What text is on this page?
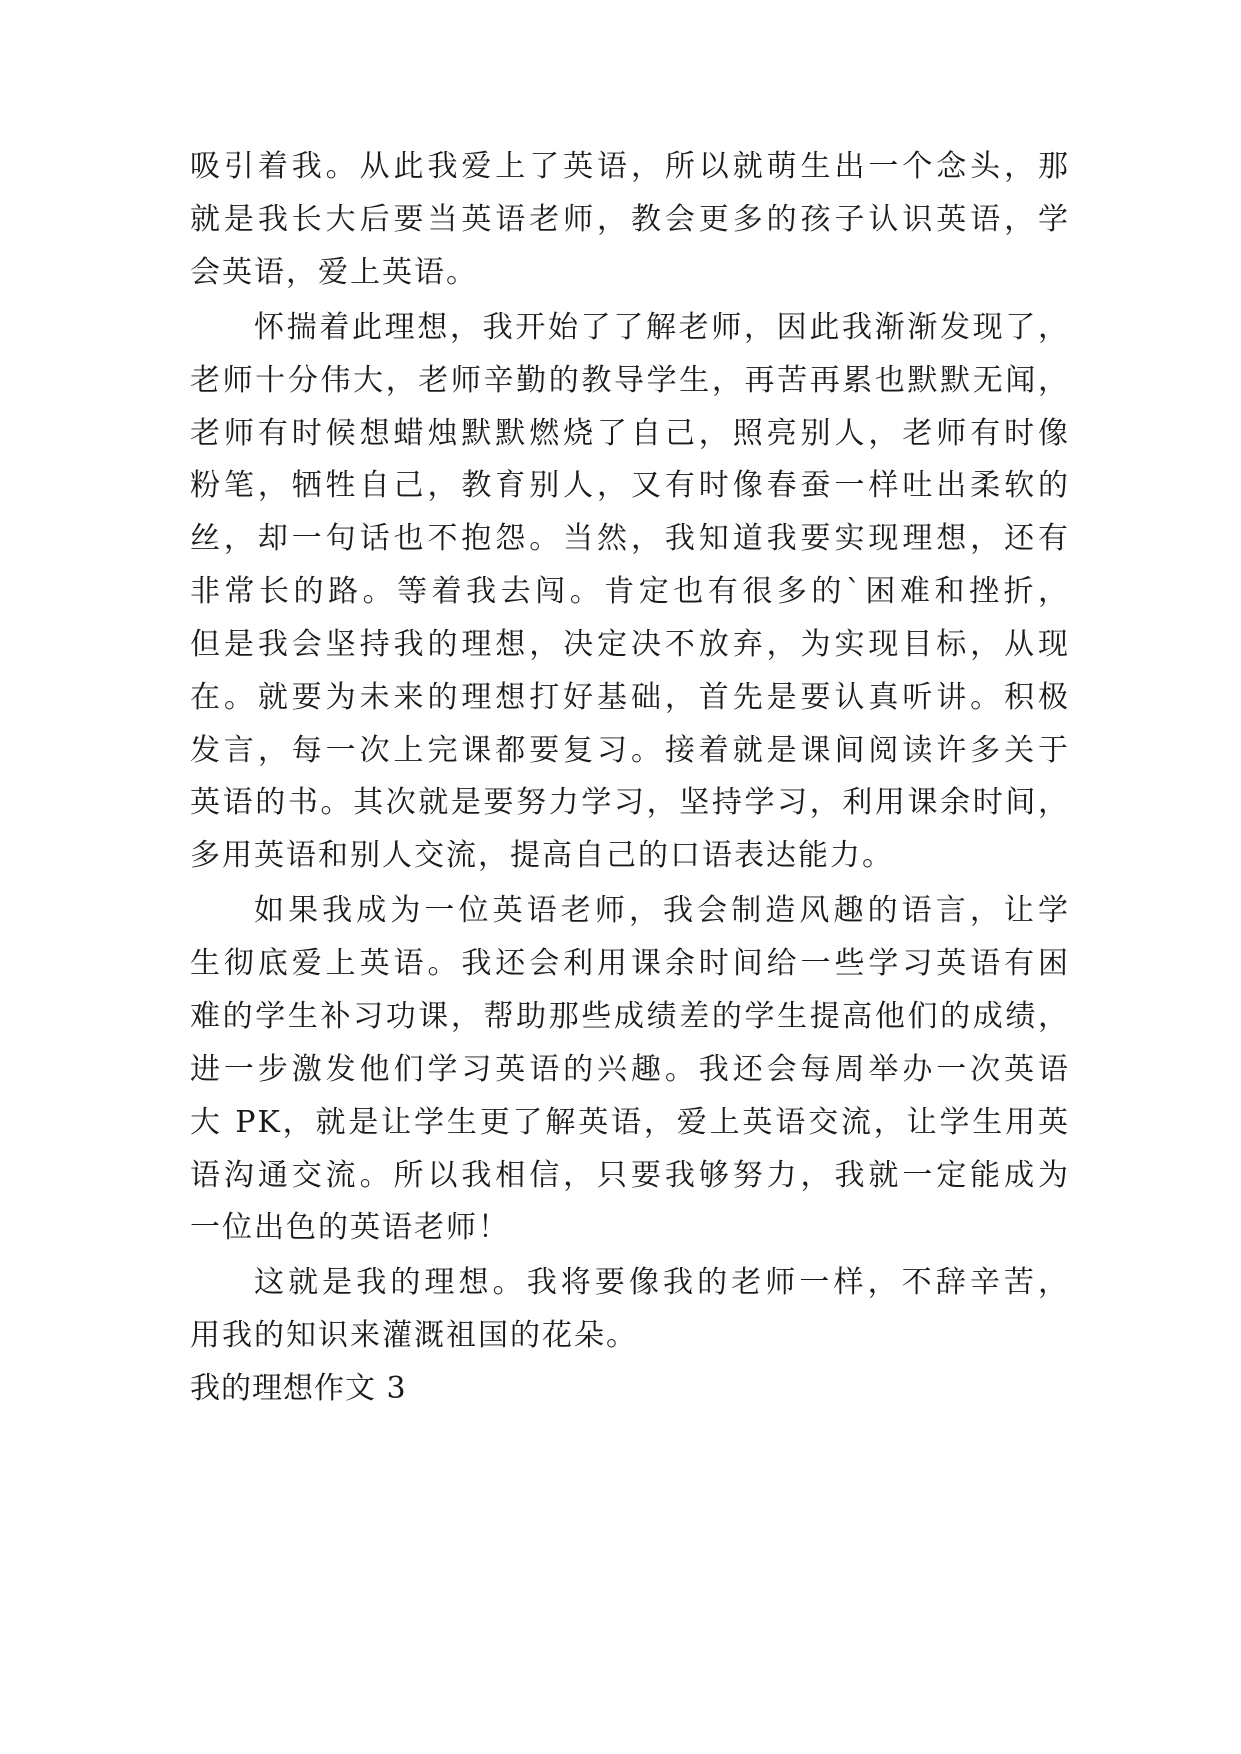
吸引着我。从此我爱上了英语，所以就萌生出一个念头，那
就是我长大后要当英语老师，教会更多的孩子认识英语，学
会英语，爱上英语。
怀揣着此理想，我开始了了解老师，因此我渐渐发现了，
老师十分伟大，老师辛勤的教导学生，再苦再累也默默无闻，
老师有时候想蜡烛默默燃烧了自己，照亮别人，老师有时像
粉笔，牺牲自己，教育别人，又有时像春蚕一样吐出柔软的
丝，却一句话也不抱怨。当然，我知道我要实现理想，还有
非常长的路。等着我去闯。肯定也有很多的`困难和挫折，
但是我会坚持我的理想，决定决不放弃，为实现目标，从现
在。就要为未来的理想打好基础，首先是要认真听讲。积极
发言，每一次上完课都要复习。接着就是课间阅读许多关于
英语的书。其次就是要努力学习，坚持学习，利用课余时间，
多用英语和别人交流，提高自己的口语表达能力。
如果我成为一位英语老师，我会制造风趣的语言，让学
生彻底爱上英语。我还会利用课余时间给一些学习英语有困
难的学生补习功课，帮助那些成绩差的学生提高他们的成绩，
进一步激发他们学习英语的兴趣。我还会每周举办一次英语
大 PK，就是让学生更了解英语，爱上英语交流，让学生用英
语沟通交流。所以我相信，只要我够努力，我就一定能成为
一位出色的英语老师！
这就是我的理想。我将要像我的老师一样，不辞辛苦，
用我的知识来灌溉祖国的花朵。
我的理想作文 3
